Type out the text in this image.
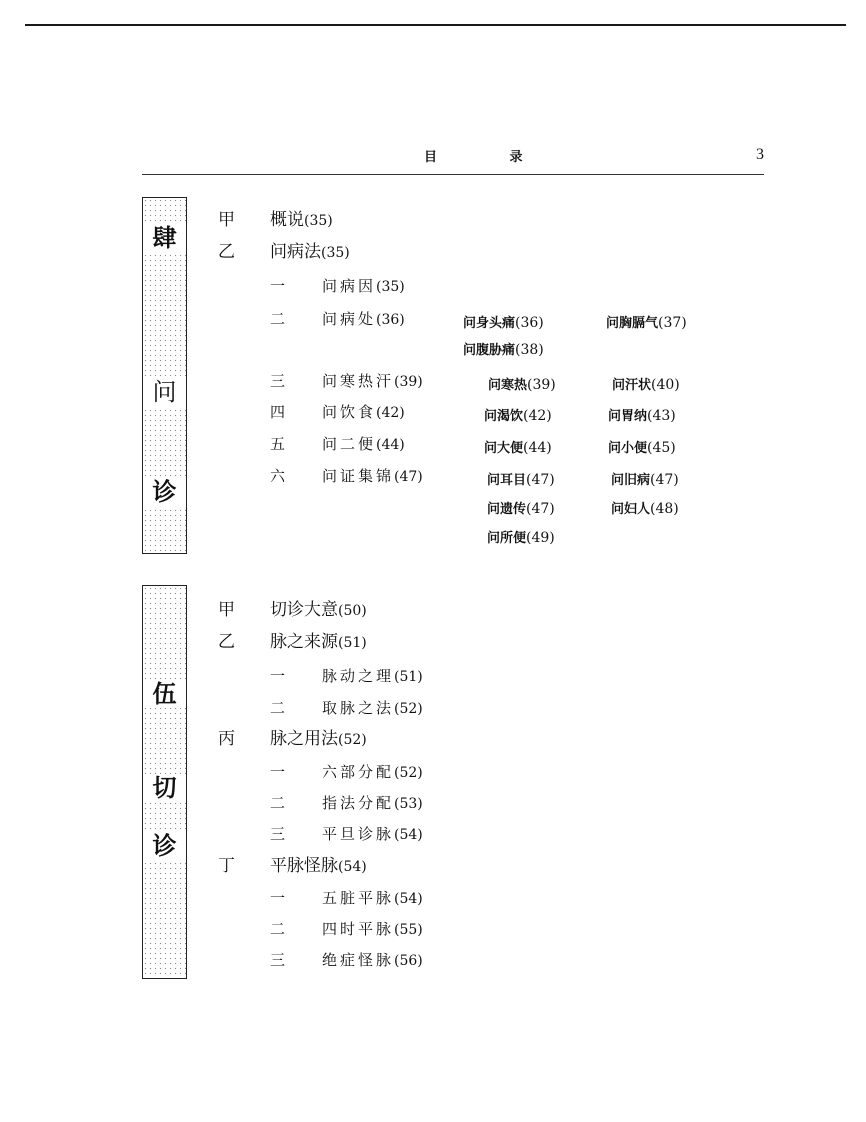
目 录	3
肆
问
诊
甲 概说(35)
乙 问病法(35)
一 问病因(35)
二 问病处(36)	问身头痛(36)	问胸膈气(37)
问腹胁痛(38)
三 问寒热汗(39)	问寒热(39)	问汗状(40)
四 问饮食(42)	问渴饮(42)	问胃纳(43)
五 问二便(44)	问大便(44)	问小便(45)
六 问证集锦(47)	问耳目(47)	问旧病(47)
问遗传(47)	问妇人(48)
问所便(49)
伍
切
诊
甲 切诊大意(50)
乙 脉之来源(51)
一 脉动之理(51)
二 取脉之法(52)
丙 脉之用法(52)
一 六部分配(52)
二 指法分配(53)
三 平旦诊脉(54)
丁 平脉怪脉(54)
一 五脏平脉(54)
二 四时平脉(55)
三 绝症怪脉(56)
